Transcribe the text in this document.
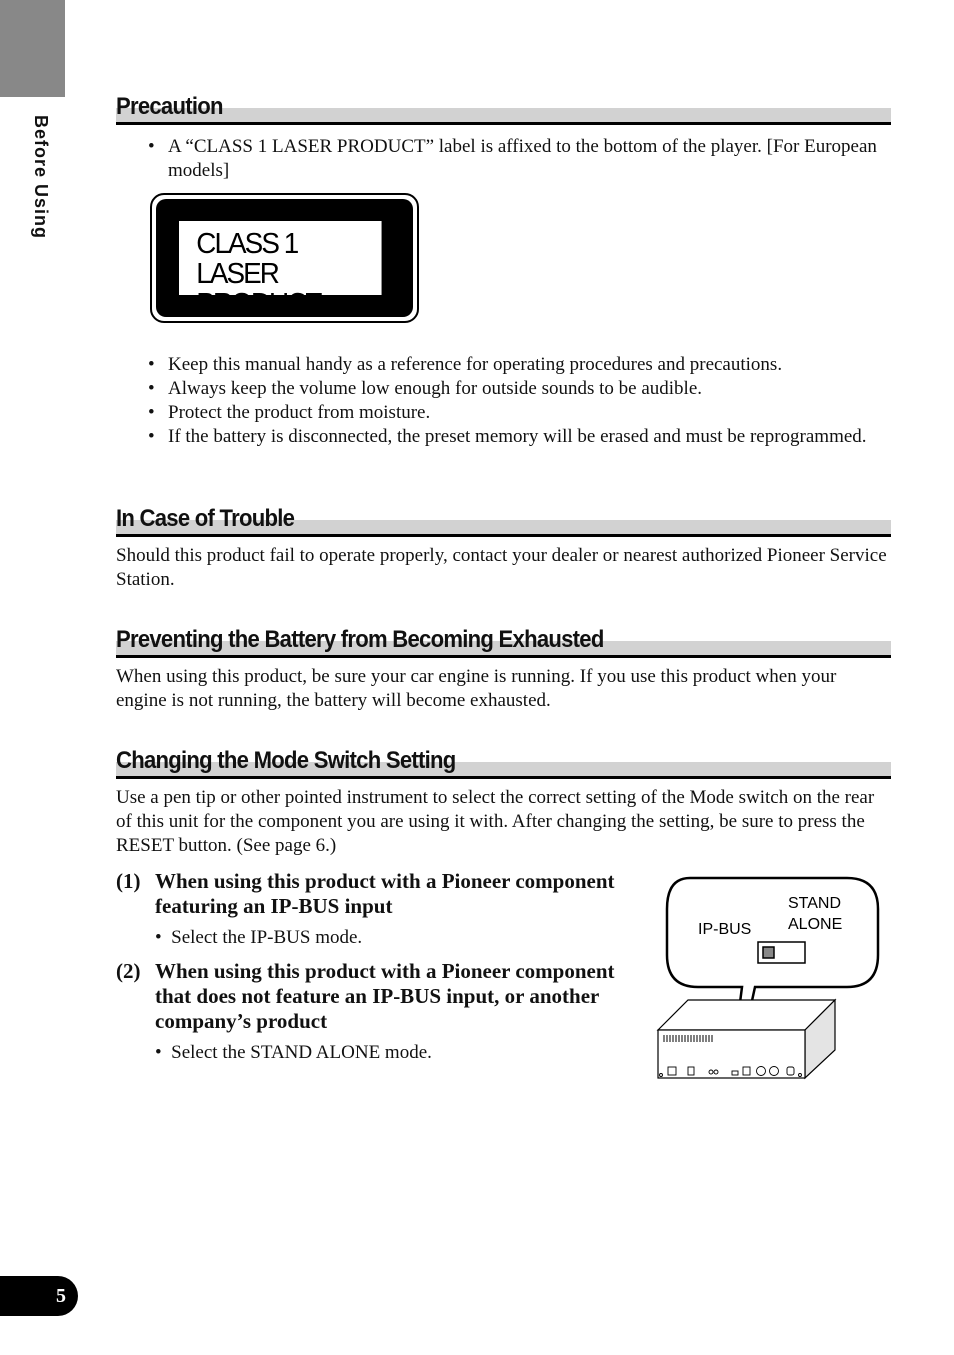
Before Using
Precaution
• A “CLASS 1 LASER PRODUCT” label is affixed to the bottom of the player. [For European models]
CLASS 1
LASER PRODUCT
• Keep this manual handy as a reference for operating procedures and precautions.
• Always keep the volume low enough for outside sounds to be audible.
• Protect the product from moisture.
• If the battery is disconnected, the preset memory will be erased and must be reprogrammed.
In Case of Trouble

Should this product fail to operate properly, contact your dealer or nearest authorized Pioneer Service Station.

Preventing the Battery from Becoming Exhausted

When using this product, be sure your car engine is running. If you use this product when your engine is not running, the battery will become exhausted.

Changing the Mode Switch Setting

Use a pen tip or other pointed instrument to select the correct setting of the Mode switch on the rear of this unit for the component you are using it with. After changing the setting, be sure to press the RESET button. (See page 6.)

(1) When using this product with a Pioneer component featuring an IP-BUS input
•  Select the IP-BUS mode.
(2) When using this product with a Pioneer component that does not feature an IP-BUS input, or another company’s product
•  Select the STAND ALONE mode.
IP-BUS
STAND
ALONE
5
